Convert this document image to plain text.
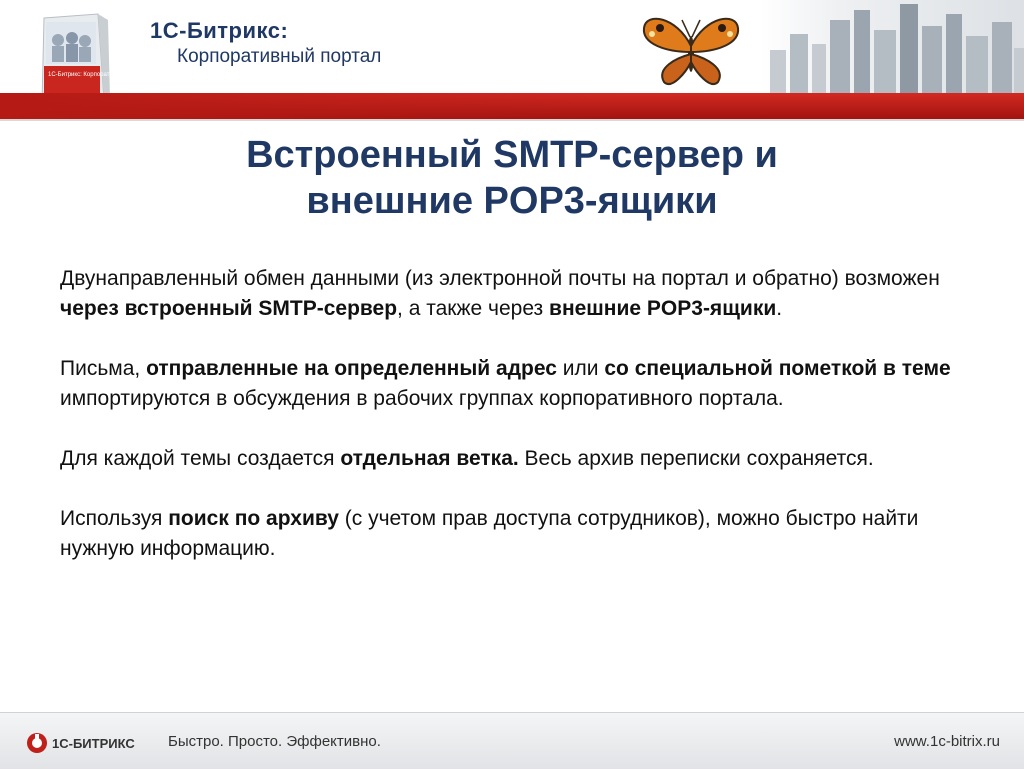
1С-Битрикс: Корпоративный портал
1С-Битрикс:
Корпоративный портал
Встроенный SMTP-сервер и
внешние POP3-ящики

Двунаправленный обмен данными (из электронной почты на портал и обратно) возможен через встроенный SMTP-сервер, а также через внешние POP3-ящики.

Письма, отправленные на определенный адрес или со специальной пометкой в теме импортируются в обсуждения в рабочих группах корпоративного портала.

Для каждой темы создается отдельная ветка. Весь архив переписки сохраняется.

Используя поиск по архиву (с учетом прав доступа сотрудников), можно быстро найти нужную информацию.

1С-БИТРИКС Быстро. Просто. Эффективно.	www.1c-bitrix.ru
